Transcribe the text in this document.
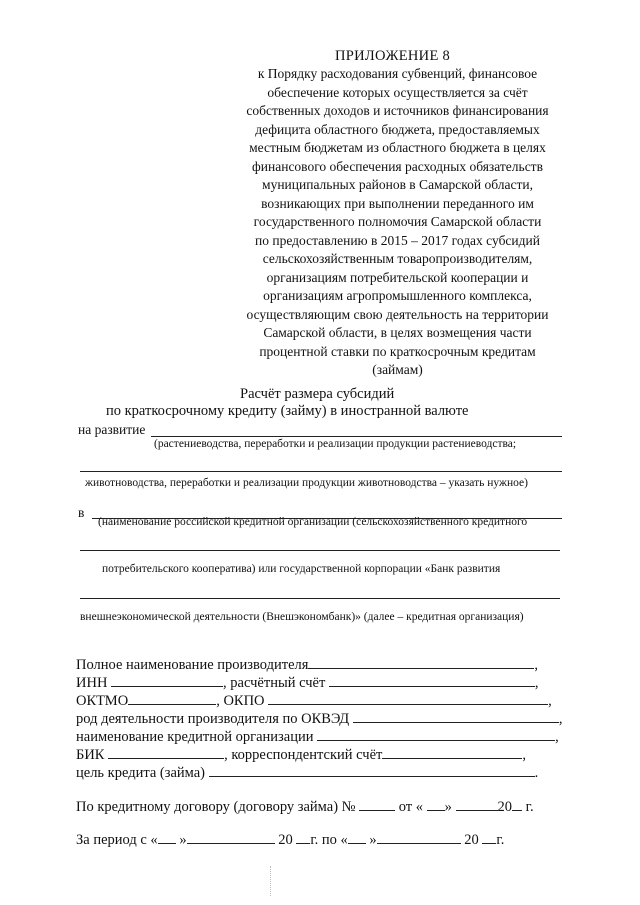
ПРИЛОЖЕНИЕ 8
к Порядку расходования субвенций, финансовое
обеспечение которых осуществляется за счёт
собственных доходов и источников финансирования
дефицита областного бюджета, предоставляемых
местным бюджетам из областного бюджета в целях
финансового обеспечения расходных обязательств
муниципальных районов в Самарской области,
возникающих при выполнении переданного им
государственного полномочия Самарской области
по предоставлению в 2015 – 2017 годах субсидий
сельскохозяйственным товаропроизводителям,
организациям потребительской кооперации и
организациям агропромышленного комплекса,
осуществляющим свою деятельность на территории
Самарской области, в целях возмещения части
процентной ставки по краткосрочным кредитам
(займам)
Расчёт размера субсидий
по краткосрочному кредиту (займу) в иностранной валюте
на развитие
(растениеводства, переработки и реализации продукции растениеводства;
животноводства, переработки и реализации продукции животноводства – указать нужное)
в
(наименование российской кредитной организации (сельскохозяйственного кредитного
потребительского кооператива) или государственной корпорации «Банк развития
внешнеэкономической деятельности (Внешэкономбанк)» (далее – кредитная организация)
Полное наименование производителя	,
ИНН	, расчётный счёт	,
ОКТМО	, ОКПО	,
род деятельности производителя по ОКВЭД	,
наименование кредитной организации	,
БИК	, корреспондентский счёт	,
цель кредита (займа)	.
По кредитному договору (договору займа) №	от « »	20 г.
За период с « »	20 г. по « »	20 г.
